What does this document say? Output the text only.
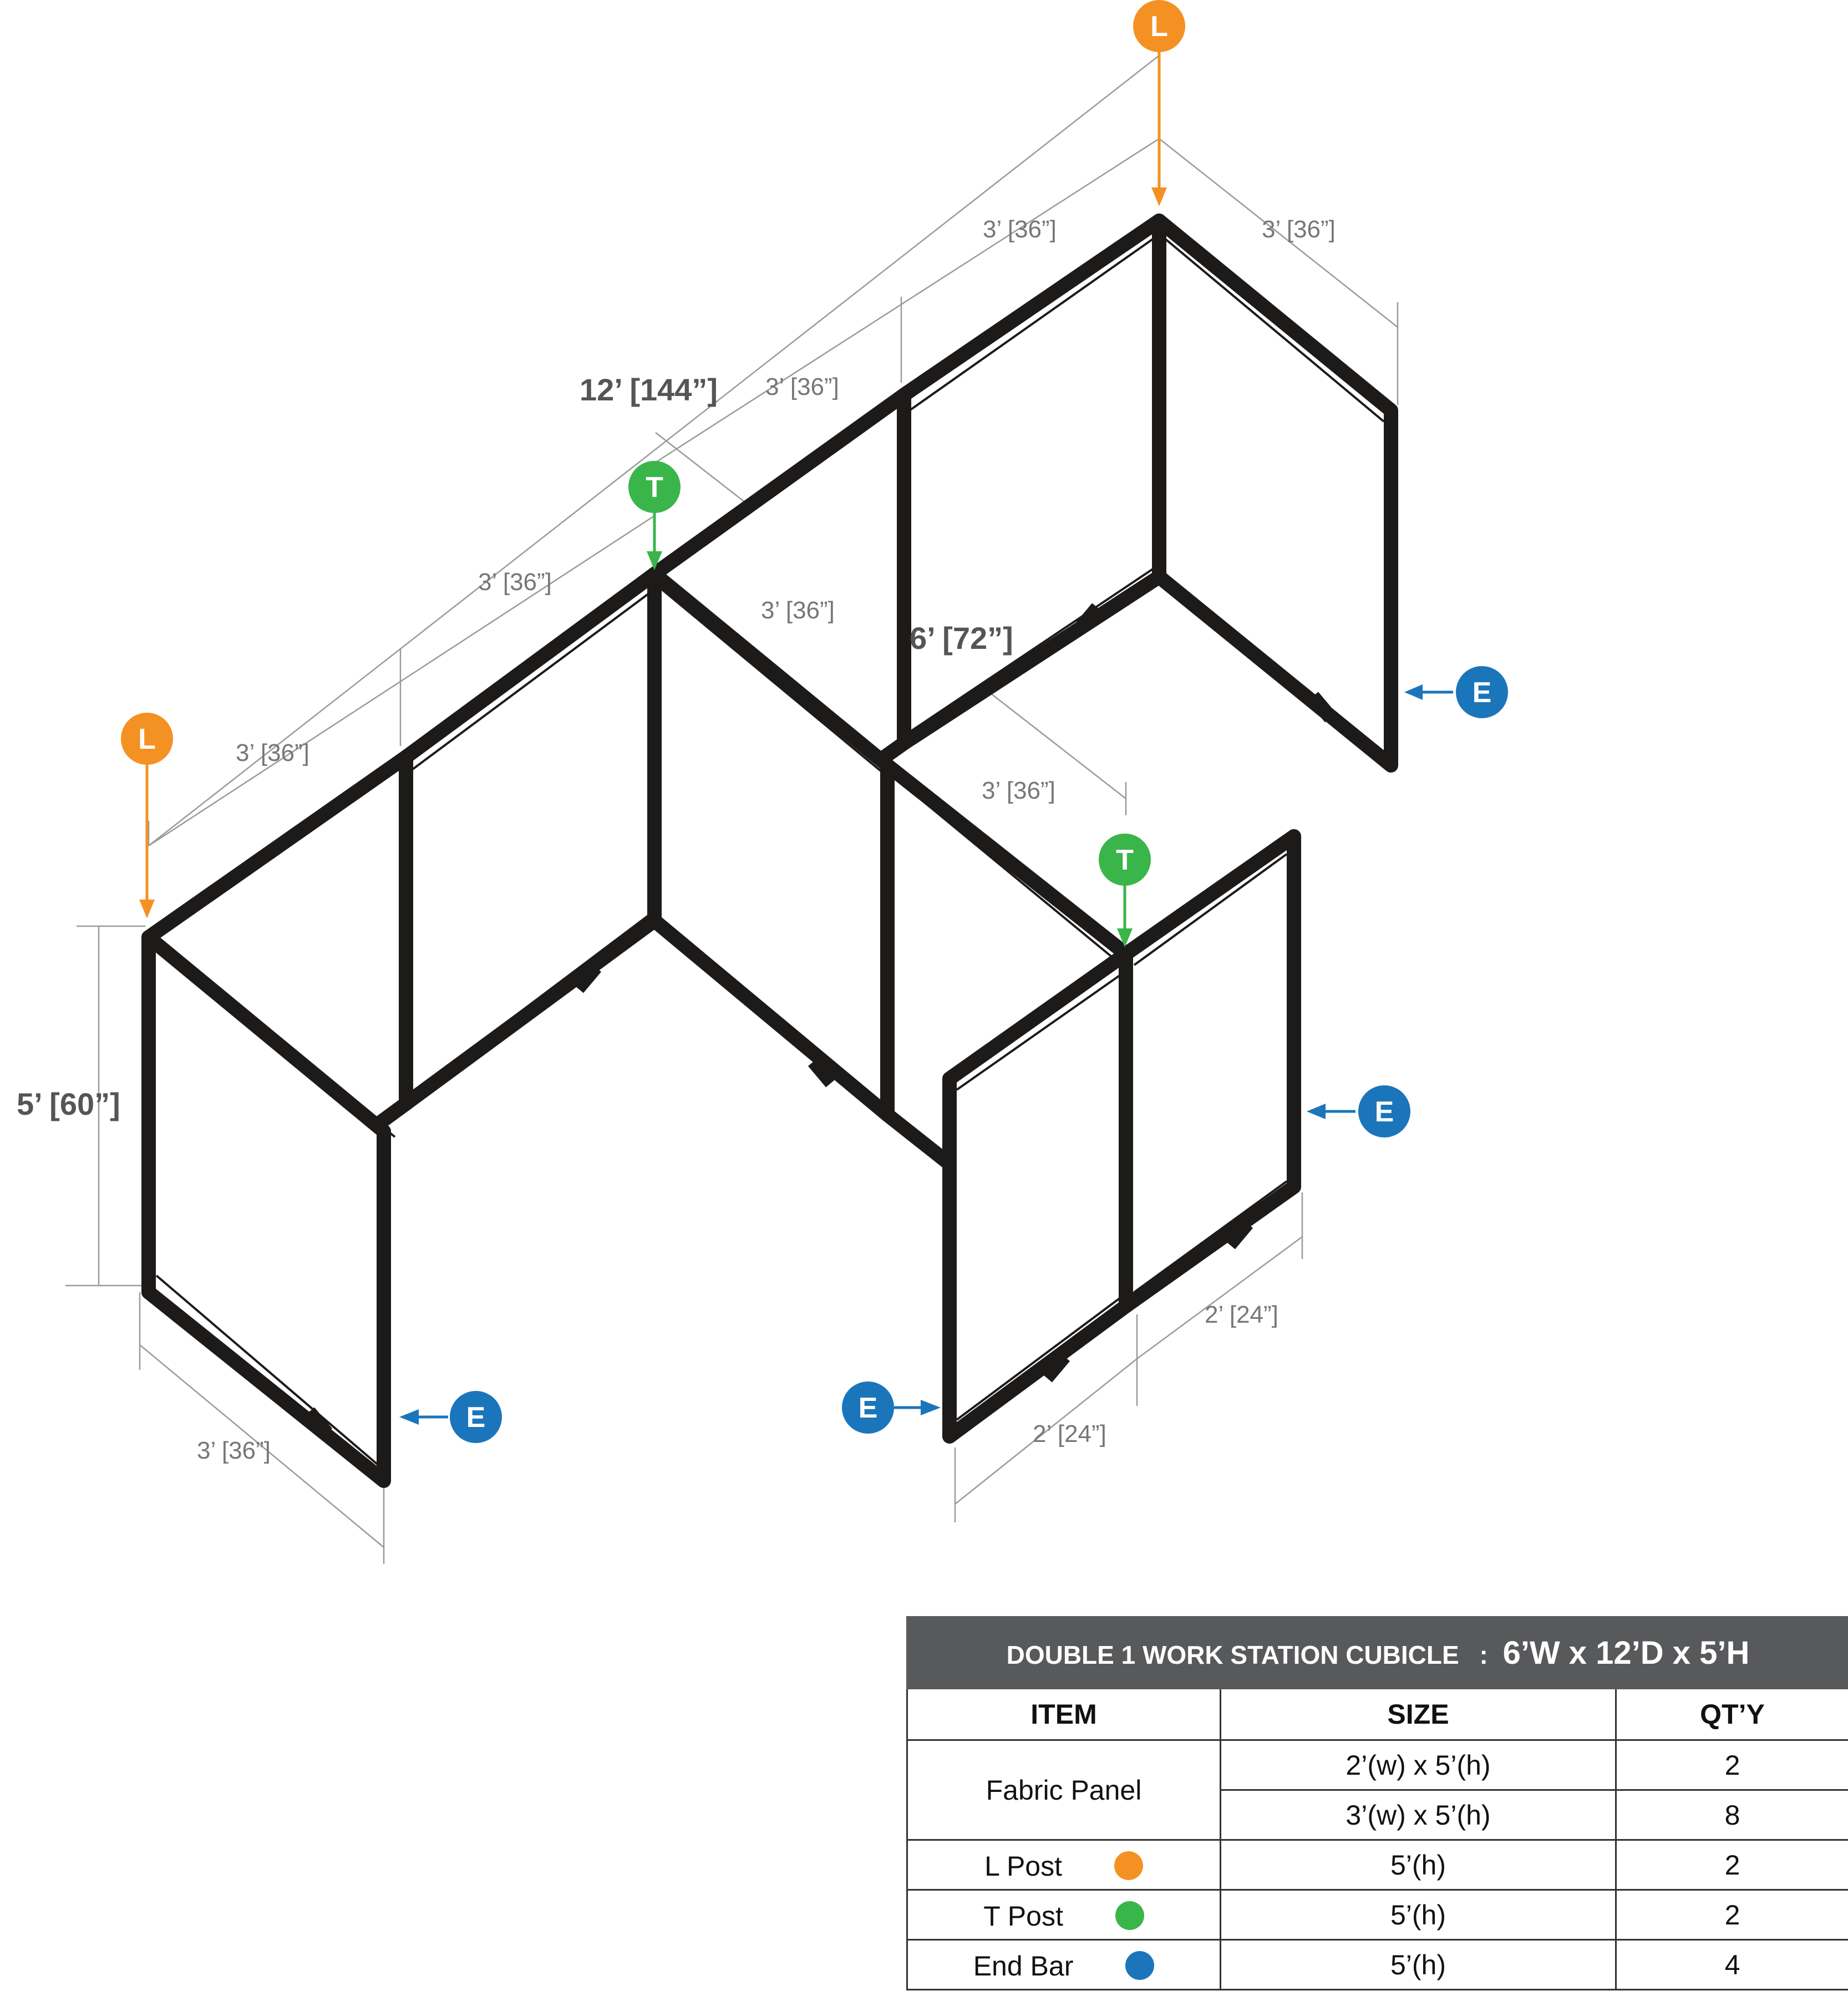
12’ [144”]
6’ [72”]
5’ [60”]
3’ [36”]	3’ [36”]
3’ [36”]
3’ [36”]
3’ [36”]
3’ [36”]
3’ [36”]
3’ [36”]
2’ [24”]
2’ [24”]
L
L
T
T
E
E
E	E
DOUBLE 1 WORK STATION CUBICLE : 6’W x 12’D x 5’H		
ITEM	SIZE	QT’Y
Fabric Panel	2’(w) x 5’(h)	2
	3’(w) x 5’(h)	8
L Post	5’(h)	2
T Post	5’(h)	2
End Bar	5’(h)	4
